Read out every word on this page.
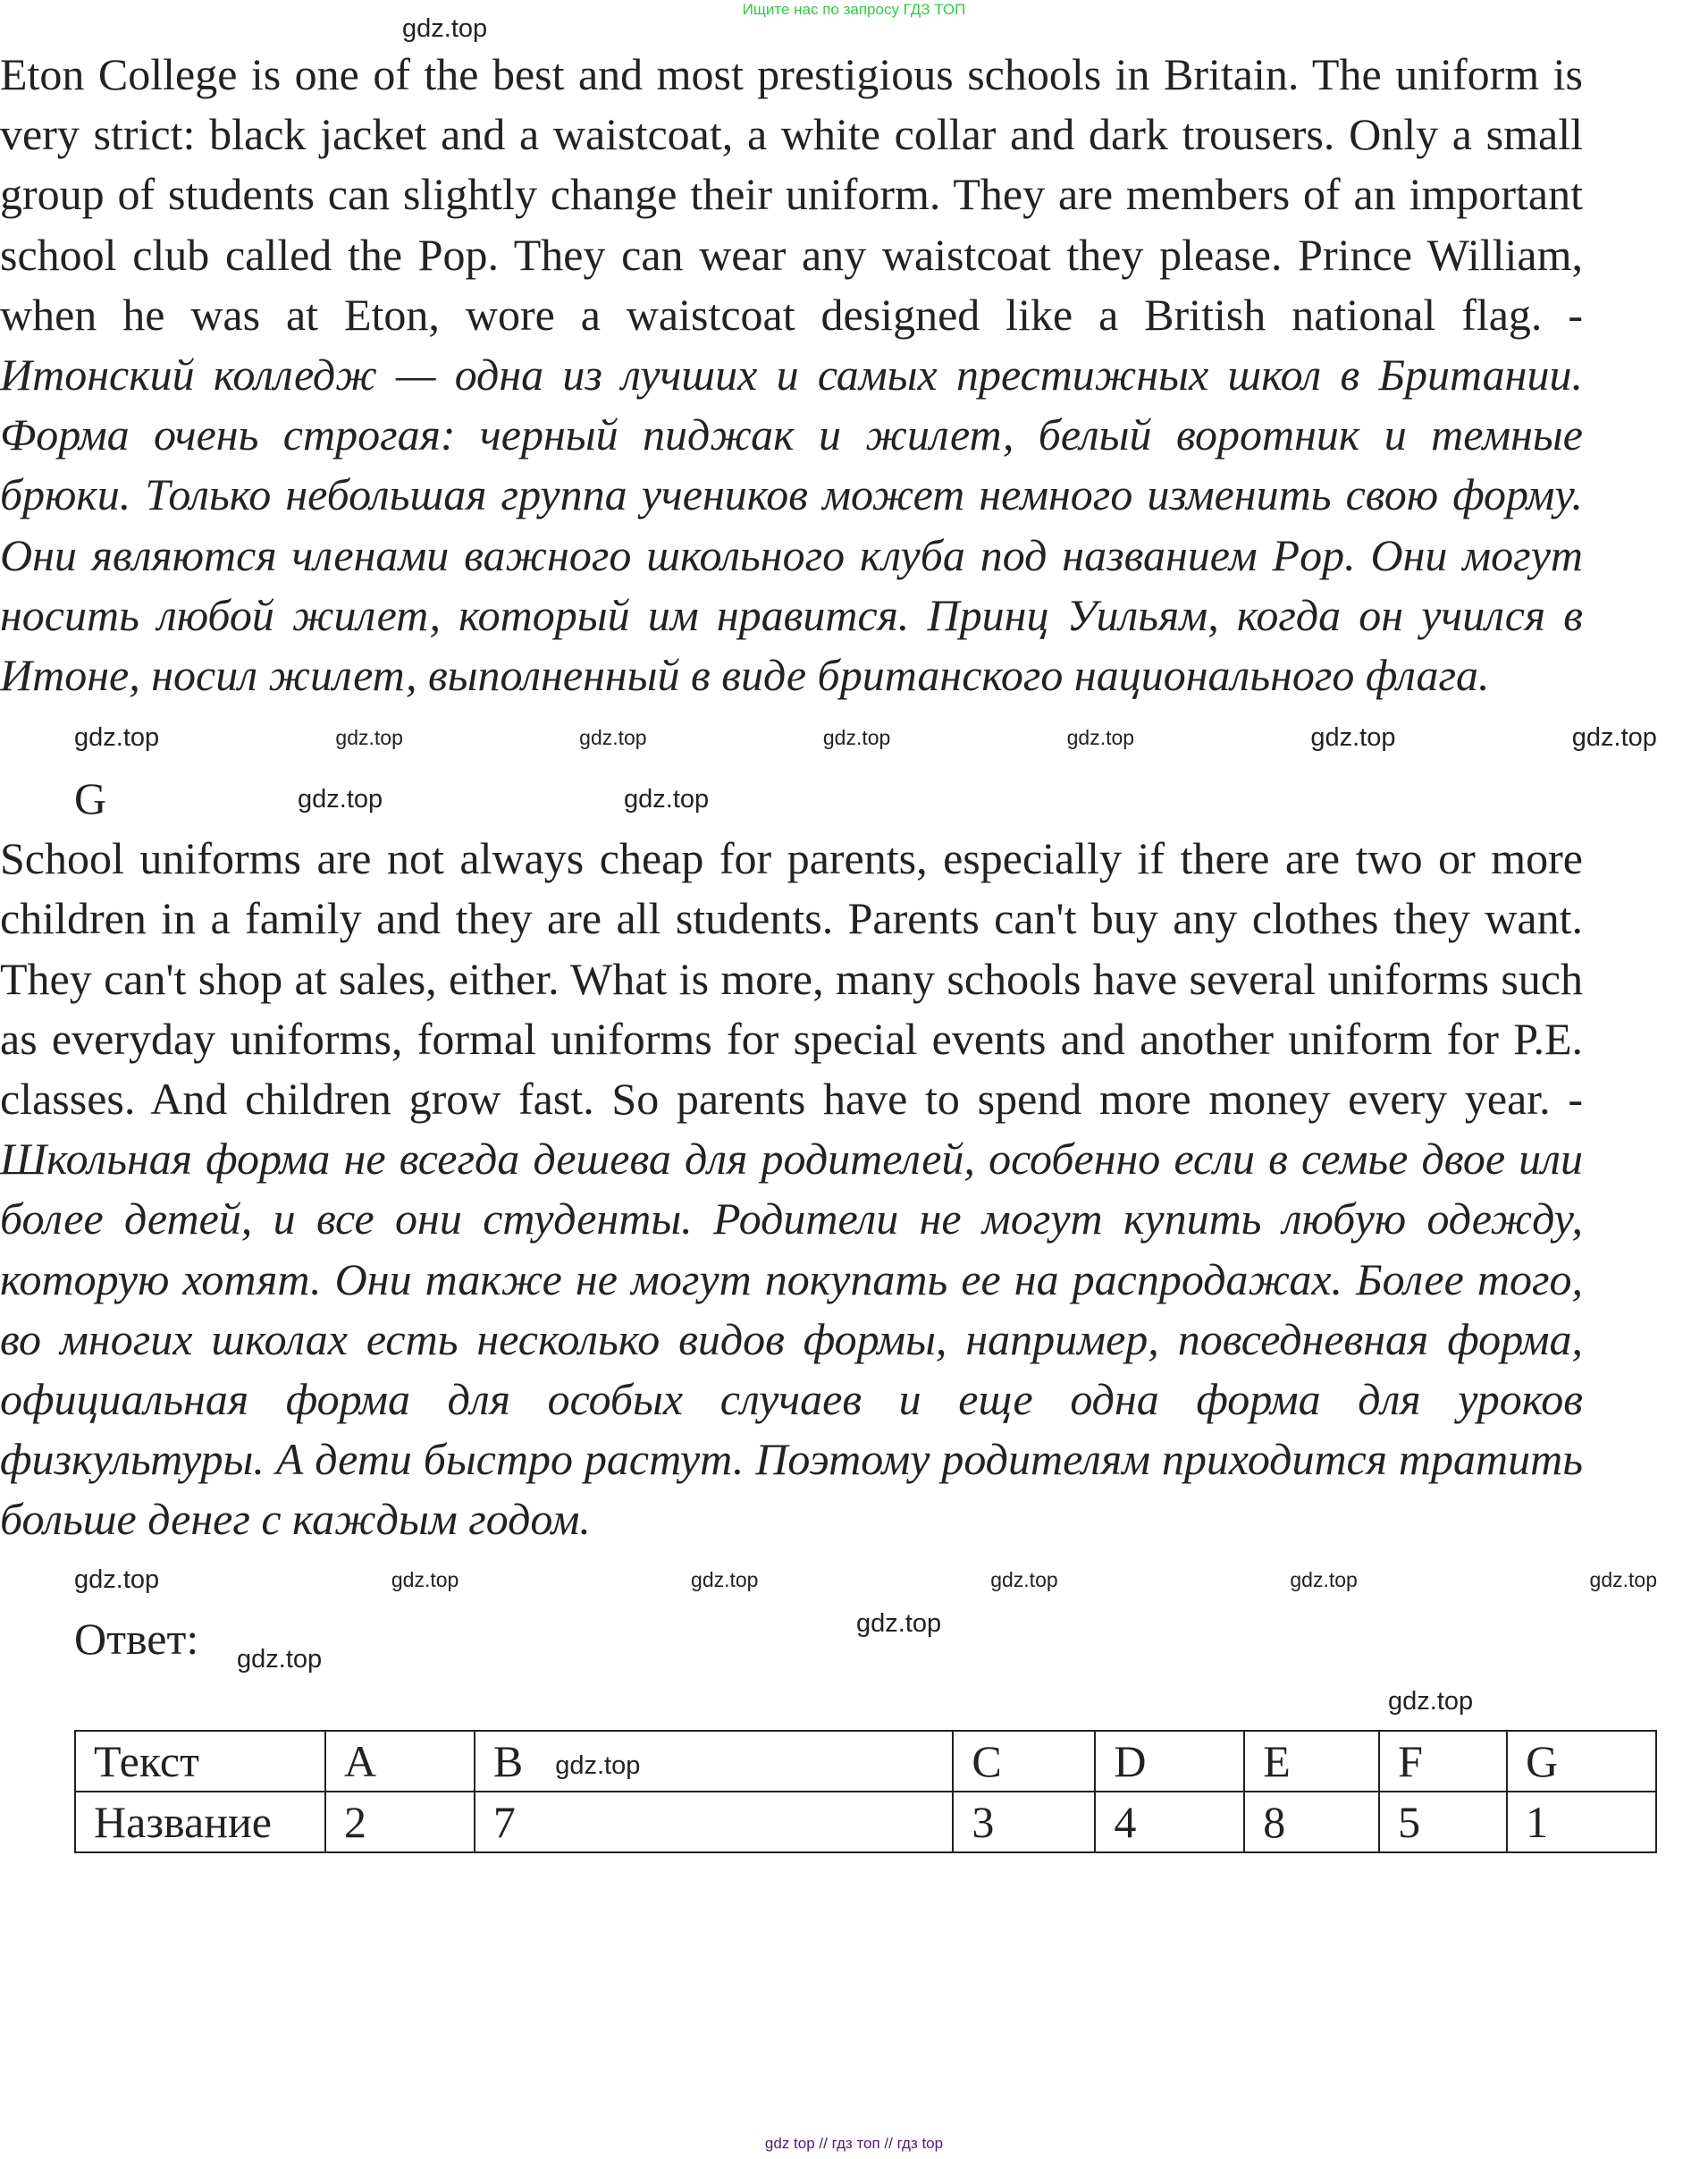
Ищите нас по запросу ГДЗ ТОП
gdz.top

Eton College is one of the best and most prestigious schools in Britain. The uniform is very strict: black jacket and a waistcoat, a white collar and dark trousers. Only a small group of students can slightly change their uniform. They are members of an important school club called the Pop. They can wear any waistcoat they please. Prince William, when he was at Eton, wore a waistcoat designed like a British national flag. - Итонский колледж — одна из лучших и самых престижных школ в Британии. Форма очень строгая: черный пиджак и жилет, белый воротник и темные брюки. Только небольшая группа учеников может немного изменить свою форму. Они являются членами важного школьного клуба под названием Pop. Они могут носить любой жилет, который им нравится. Принц Уильям, когда он учился в Итоне, носил жилет, выполненный в виде британского национального флага.

gdz.top	gdz.top	gdz.top	gdz.top	gdz.top	gdz.top	gdz.top
G	gdz.top	gdz.top

School uniforms are not always cheap for parents, especially if there are two or more children in a family and they are all students. Parents can't buy any clothes they want. They can't shop at sales, either. What is more, many schools have several uniforms such as everyday uniforms, formal uniforms for special events and another uniform for P.E. classes. And children grow fast. So parents have to spend more money every year. - Школьная форма не всегда дешева для родителей, особенно если в семье двое или более детей, и все они студенты. Родители не могут купить любую одежду, которую хотят. Они также не могут покупать ее на распродажах. Более того, во многих школах есть несколько видов формы, например, повседневная форма, официальная форма для особых случаев и еще одна форма для уроков физкультуры. А дети быстро растут. Поэтому родителям приходится тратить больше денег с каждым годом.

gdz.top	gdz.top	gdz.top	gdz.top	gdz.top	gdz.top
Ответ: gdz.top
gdz.top
gdz.top
Текст	A	B gdz.top	C	D	E	F	G
Название	2	7	3	4	8	5	1
gdz top // гдз топ // гдз top
